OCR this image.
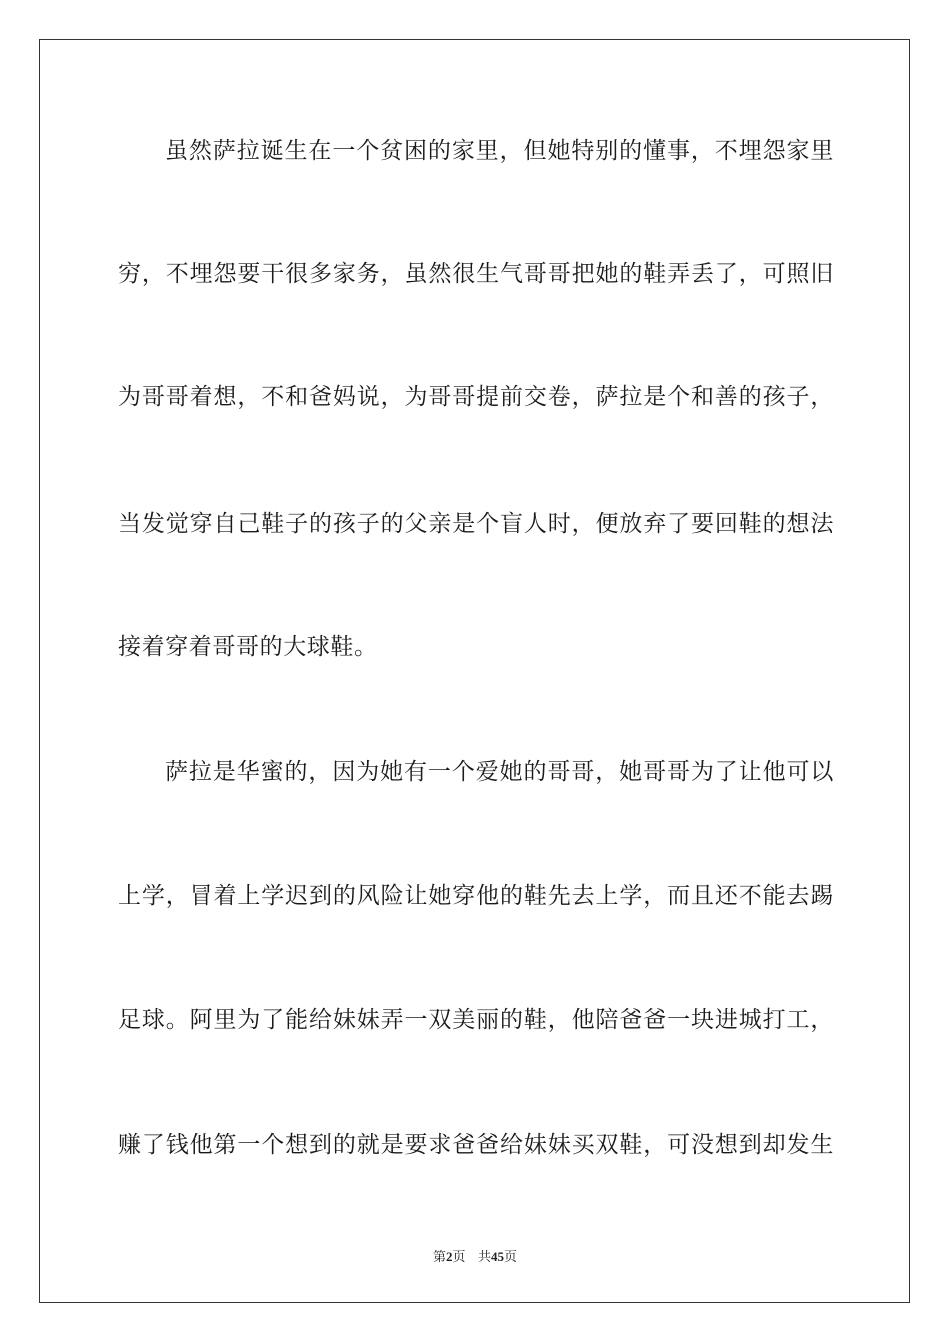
虽然萨拉诞生在一个贫困的家里，但她特别的懂事，不埋怨家里
穷，不埋怨要干很多家务，虽然很生气哥哥把她的鞋弄丢了，可照旧
为哥哥着想，不和爸妈说，为哥哥提前交卷，萨拉是个和善的孩子，
当发觉穿自己鞋子的孩子的父亲是个盲人时，便放弃了要回鞋的想法
接着穿着哥哥的大球鞋。
萨拉是华蜜的，因为她有一个爱她的哥哥，她哥哥为了让他可以
上学，冒着上学迟到的风险让她穿他的鞋先去上学，而且还不能去踢
足球。阿里为了能给妹妹弄一双美丽的鞋，他陪爸爸一块进城打工，
赚了钱他第一个想到的就是要求爸爸给妹妹买双鞋，可没想到却发生
第2页 共45页
